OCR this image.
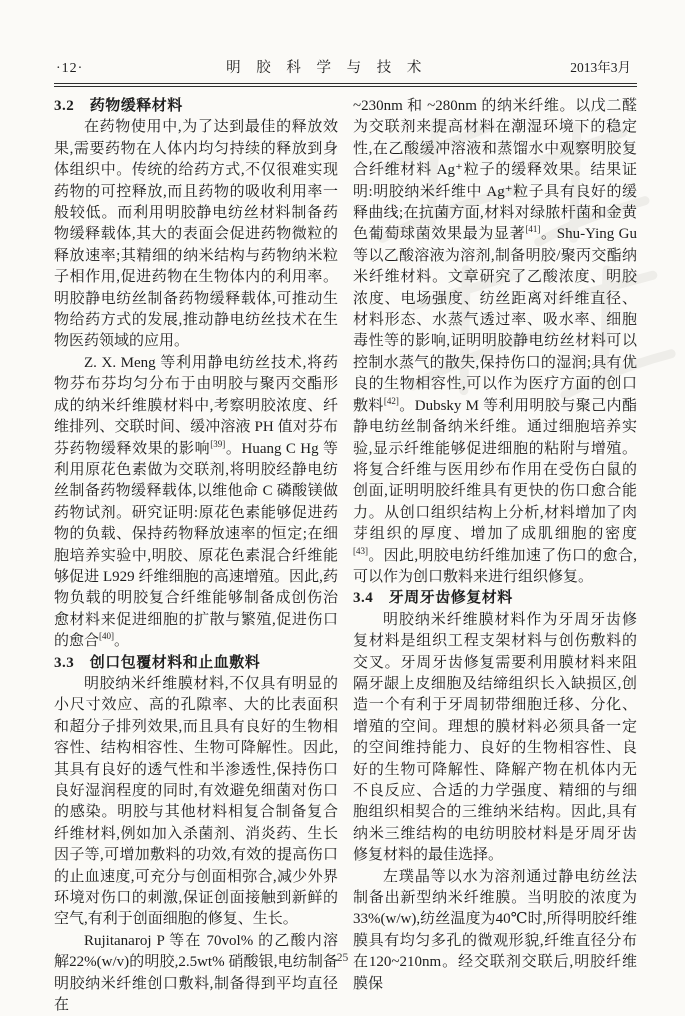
·12·	明 胶 科 学 与 技 术	2013年3月
3.2　药物缓释材料

在药物使用中,为了达到最佳的释放效果,需要药物在人体内均匀持续的释放到身体组织中。传统的给药方式,不仅很难实现药物的可控释放,而且药物的吸收利用率一般较低。而利用明胶静电纺丝材料制备药物缓释载体,其大的表面会促进药物微粒的释放速率;其精细的纳米结构与药物纳米粒子相作用,促进药物在生物体内的利用率。明胶静电纺丝制备药物缓释载体,可推动生物给药方式的发展,推动静电纺丝技术在生物医药领域的应用。

Z. X. Meng 等利用静电纺丝技术,将药物芬布芬均匀分布于由明胶与聚丙交酯形成的纳米纤维膜材料中,考察明胶浓度、纤维排列、交联时间、缓冲溶液 PH 值对芬布芬药物缓释效果的影响[39]。Huang C Hg 等利用原花色素做为交联剂,将明胶经静电纺丝制备药物缓释载体,以维他命 C 磷酸镁做药物试剂。研究证明:原花色素能够促进药物的负载、保持药物释放速率的恒定;在细胞培养实验中,明胶、原花色素混合纤维能够促进 L929 纤维细胞的高速增殖。因此,药物负载的明胶复合纤维能够制备成创伤治愈材料来促进细胞的扩散与繁殖,促进伤口的愈合[40]。

3.3　创口包覆材料和止血敷料

明胶纳米纤维膜材料,不仅具有明显的小尺寸效应、高的孔隙率、大的比表面积和超分子排列效果,而且具有良好的生物相容性、结构相容性、生物可降解性。因此,其具有良好的透气性和半渗透性,保持伤口良好湿润程度的同时,有效避免细菌对伤口的感染。明胶与其他材料相复合制备复合纤维材料,例如加入杀菌剂、消炎药、生长因子等,可增加敷料的功效,有效的提高伤口的止血速度,可充分与创面相弥合,减少外界环境对伤口的刺激,保证创面接触到新鲜的空气,有利于创面细胞的修复、生长。

Rujitanaroj P 等在 70vol% 的乙酸内溶解22%(w/v)的明胶,2.5wt% 硝酸银,电纺制备明胶纳米纤维创口敷料,制备得到平均直径在

~230nm 和 ~280nm 的纳米纤维。以戊二醛为交联剂来提高材料在潮湿环境下的稳定性,在乙酸缓冲溶液和蒸馏水中观察明胶复合纤维材料 Ag⁺粒子的缓释效果。结果证明:明胶纳米纤维中 Ag⁺粒子具有良好的缓释曲线;在抗菌方面,材料对绿脓杆菌和金黄色葡萄球菌效果最为显著[41]。Shu-Ying Gu 等以乙酸溶液为溶剂,制备明胶/聚丙交酯纳米纤维材料。文章研究了乙酸浓度、明胶浓度、电场强度、纺丝距离对纤维直径、材料形态、水蒸气透过率、吸水率、细胞毒性等的影响,证明明胶静电纺丝材料可以控制水蒸气的散失,保持伤口的湿润;具有优良的生物相容性,可以作为医疗方面的创口敷料[42]。Dubsky M 等利用明胶与聚己内酯静电纺丝制备纳米纤维。通过细胞培养实验,显示纤维能够促进细胞的粘附与增殖。将复合纤维与医用纱布作用在受伤白鼠的创面,证明明胶纤维具有更快的伤口愈合能力。从创口组织结构上分析,材料增加了肉芽组织的厚度、增加了成肌细胞的密度[43]。因此,明胶电纺纤维加速了伤口的愈合,可以作为创口敷料来进行组织修复。

3.4　牙周牙齿修复材料

明胶纳米纤维膜材料作为牙周牙齿修复材料是组织工程支架材料与创伤敷料的交叉。牙周牙齿修复需要利用膜材料来阻隔牙龈上皮细胞及结缔组织长入缺损区,创造一个有利于牙周韧带细胞迁移、分化、增殖的空间。理想的膜材料必须具备一定的空间维持能力、良好的生物相容性、良好的生物可降解性、降解产物在机体内无不良反应、合适的力学强度、精细的与细胞组织相契合的三维纳米结构。因此,具有纳米三维结构的电纺明胶材料是牙周牙齿修复材料的最佳选择。

左璞晶等以水为溶剂通过静电纺丝法制备出新型纳米纤维膜。当明胶的浓度为33%(w/w),纺丝温度为40℃时,所得明胶纤维膜具有均匀多孔的微观形貌,纤维直径分布在120~210nm。经交联剂交联后,明胶纤维膜保

25
